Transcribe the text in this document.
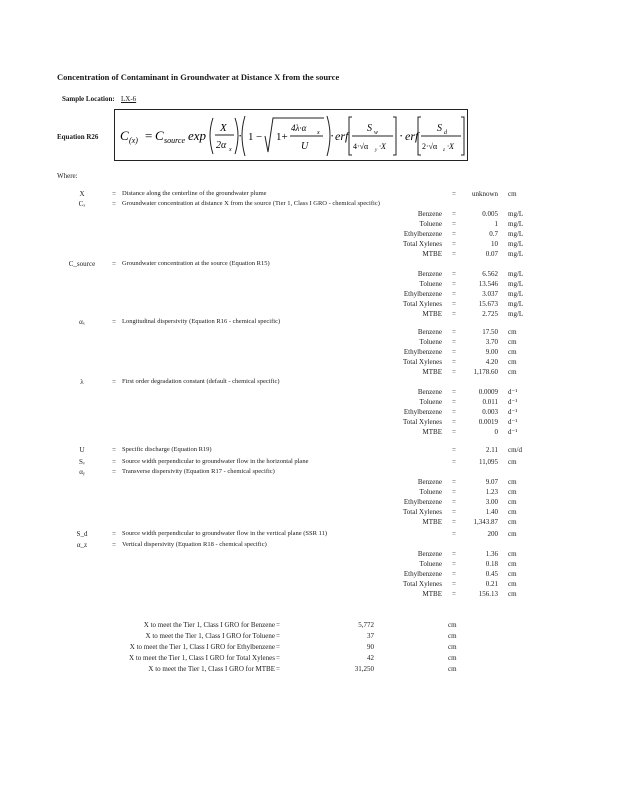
Concentration of Contaminant in Groundwater at Distance X from the source
Sample Location: LX-6
Equation R26 C (x) = C source exp X
2α x
· 1 − 1+
4λ·α x
U
· erf
S w
4·√α y ·X
· erf
S d
2·√α z ·X
Where:
X	= Distance along the centerline of the groundwater plume	=	unknown cm
Cₓ	= Groundwater concentration at distance X from the source (Tier 1, Class I GRO - chemical specific)
Benzene	=	0.005 mg/L
Toluene	=	1 mg/L
Ethylbenzene	=	0.7 mg/L
Total Xylenes	=	10 mg/L
MTBE	=	0.07 mg/L
C_source	= Groundwater concentration at the source (Equation R15)
Benzene	=	6.562 mg/L
Toluene	=	13.546 mg/L
Ethylbenzene	=	3.037 mg/L
Total Xylenes	=	15.673 mg/L
MTBE	=	2.725 mg/L
αₓ	= Longitudinal dispersivity (Equation R16 - chemical specific)
Benzene	=	17.50 cm
Toluene	=	3.70 cm
Ethylbenzene	=	9.00 cm
Total Xylenes	=	4.20 cm
MTBE	=	1,178.60 cm
λ	= First order degradation constant (default - chemical specific)
Benzene	=	0.0009 d⁻¹
Toluene	=	0.011 d⁻¹
Ethylbenzene	=	0.003 d⁻¹
Total Xylenes	=	0.0019 d⁻¹
MTBE	=	0 d⁻¹
U	= Specific discharge (Equation R19)	=	2.11 cm/d
Sᵥ	= Source width perpendicular to groundwater flow in the horizontal plane	=	11,095 cm
αᵧ	= Transverse dispersivity (Equation R17 - chemical specific)
Benzene	=	9.07 cm
Toluene	=	1.23 cm
Ethylbenzene	=	3.00 cm
Total Xylenes	=	1.40 cm
MTBE	=	1,343.87 cm
S_d	= Source width perpendicular to groundwater flow in the vertical plane (SSR 11)	=	200 cm
α_z	= Vertical dispersivity (Equation R18 - chemical specific)
Benzene	=	1.36 cm
Toluene	=	0.18 cm
Ethylbenzene	=	0.45 cm
Total Xylenes	=	0.21 cm
MTBE	=	156.13 cm
X to meet the Tier 1, Class I GRO for Benzene =	5,772	cm
X to meet the Tier 1, Class I GRO for Toluene =	37	cm
X to meet the Tier 1, Class I GRO for Ethylbenzene =	90	cm
X to meet the Tier 1, Class I GRO for Total Xylenes =	42	cm
X to meet the Tier 1, Class I GRO for MTBE =	31,250	cm
